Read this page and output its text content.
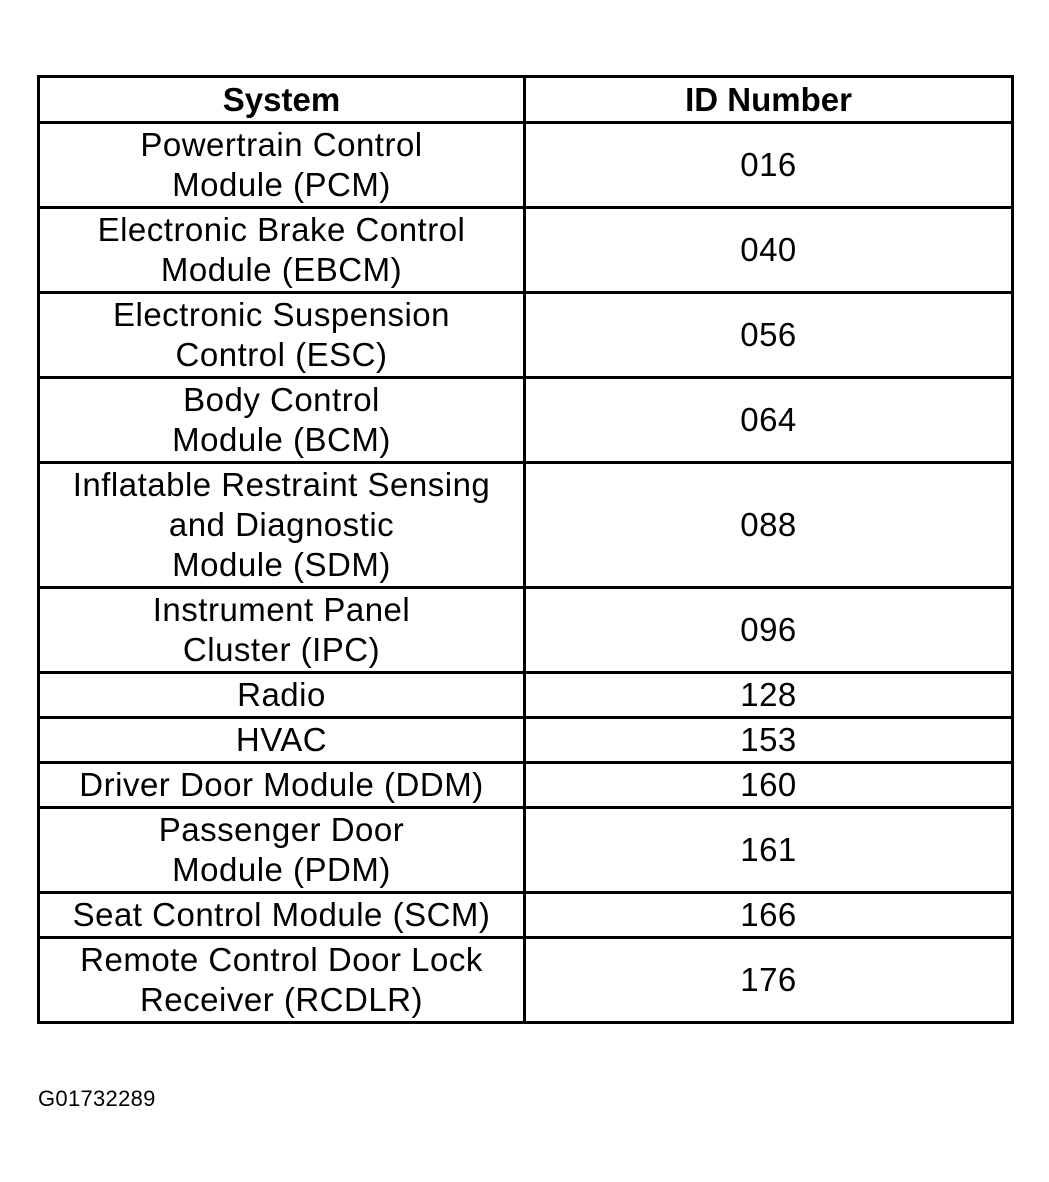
System	ID Number

Powertrain Control
Module (PCM)	016

Electronic Brake Control
Module (EBCM)	040

Electronic Suspension
Control (ESC)	056

Body Control
Module (BCM)	064

Inflatable Restraint Sensing
and Diagnostic
Module (SDM)	088

Instrument Panel
Cluster (IPC)	096

Radio	128

HVAC	153

Driver Door Module (DDM)	160

Passenger Door
Module (PDM)	161

Seat Control Module (SCM)	166

Remote Control Door Lock
Receiver (RCDLR)	176
G01732289
